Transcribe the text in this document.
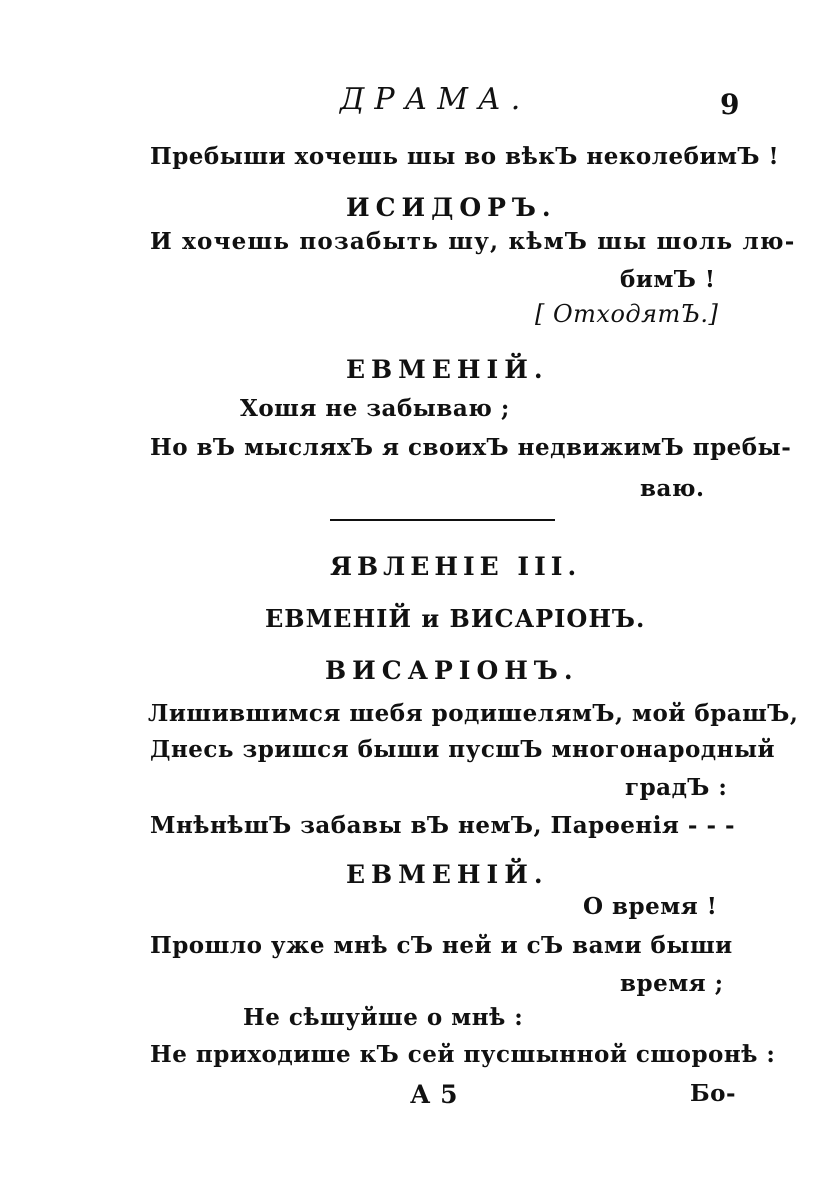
ДРАМА.	9
Пребыши хочешь шы во вѣкЪ неколебимЪ !
ИСИДОРЪ.
И хочешь позабыть шу, кѣмЪ шы шоль лю-
бимЪ !
[ ОтходятЪ.]
ЕВМЕНІЙ.
Хошя не забываю ;
Но вЪ мысляхЪ я своихЪ недвижимЪ пребы-
ваю.
ЯВЛЕНІЕ III.
ЕВМЕНІЙ и ВИСАРІОНЪ.
ВИСАРІОНЪ.
Лишившимся шебя родишелямЪ, мой брашЪ,
Днесь зришся быши пусшЪ многонародный
градЪ :
МнѣнѣшЪ забавы вЪ немЪ, Парѳенія - - -
ЕВМЕНІЙ.
О время !
Прошло уже мнѣ сЪ ней и сЪ вами быши
время ;
Не сѣшуйше о мнѣ :
Не приходише кЪ сей пусшынной сшоронѣ :
А 5	Бо-
